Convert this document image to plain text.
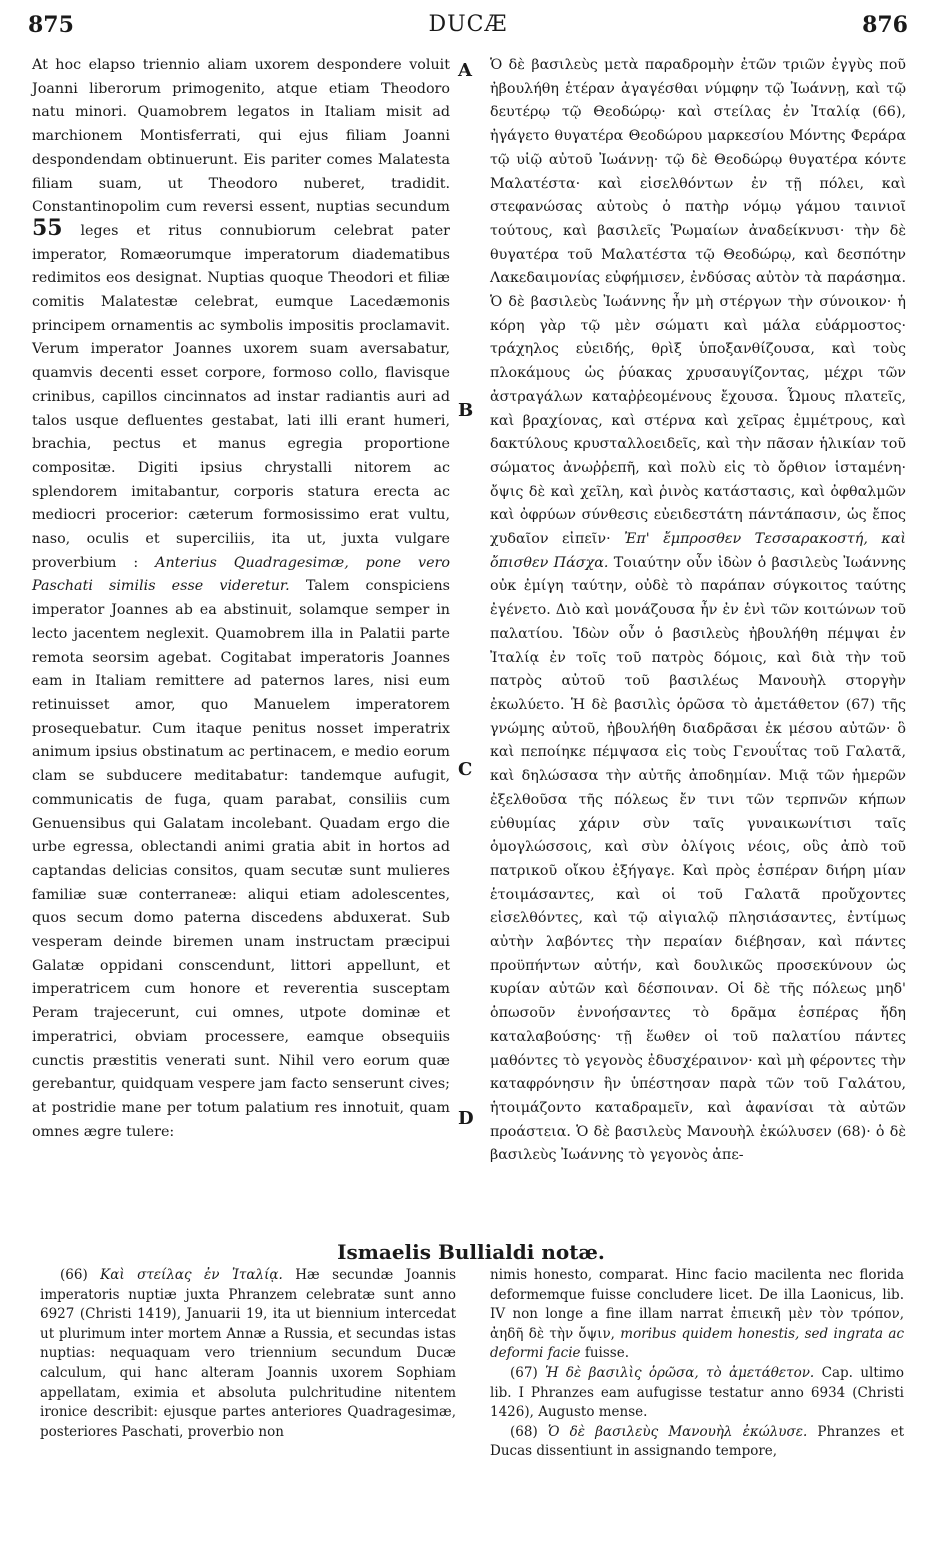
875	DUCÆ	876
A
B
C
D

At hoc elapso triennio aliam uxorem despondere voluit Joanni liberorum primogenito, atque etiam Theodoro natu minori. Quamobrem legatos in Italiam misit ad marchionem Montisferrati, qui ejus filiam Joanni despondendam obtinuerunt. Eis pariter comes Malatesta filiam suam, ut Theodoro nuberet, tradidit. Constantinopolim cum reversi essent, nuptias secundum 55 leges et ritus connubiorum celebrat pater imperator, Romæorumque imperatorum diadematibus redimitos eos designat. Nuptias quoque Theodori et filiæ comitis Malatestæ celebrat, eumque Lacedæmonis principem ornamentis ac symbolis impositis proclamavit. Verum imperator Joannes uxorem suam aversabatur, quamvis decenti esset corpore, formoso collo, flavisque crinibus, capillos cincinnatos ad instar radiantis auri ad talos usque defluentes gestabat, lati illi erant humeri, brachia, pectus et manus egregia proportione compositæ. Digiti ipsius chrystalli nitorem ac splendorem imitabantur, corporis statura erecta ac mediocri procerior: cæterum formosissimo erat vultu, naso, oculis et superciliis, ita ut, juxta vulgare proverbium : Anterius Quadragesimæ, pone vero Paschati similis esse videretur. Talem conspiciens imperator Joannes ab ea abstinuit, solamque semper in lecto jacentem neglexit. Quamobrem illa in Palatii parte remota seorsim agebat. Cogitabat imperatoris Joannes eam in Italiam remittere ad paternos lares, nisi eum retinuisset amor, quo Manuelem imperatorem prosequebatur. Cum itaque penitus nosset imperatrix animum ipsius obstinatum ac pertinacem, e medio eorum clam se subducere meditabatur: tandemque aufugit, communicatis de fuga, quam parabat, consiliis cum Genuensibus qui Galatam incolebant. Quadam ergo die urbe egressa, oblectandi animi gratia abit in hortos ad captandas delicias consitos, quam secutæ sunt mulieres familiæ suæ conterraneæ: aliqui etiam adolescentes, quos secum domo paterna discedens abduxerat. Sub vesperam deinde biremen unam instructam præcipui Galatæ oppidani conscendunt, littori appellunt, et imperatricem cum honore et reverentia susceptam Peram trajecerunt, cui omnes, utpote dominæ et imperatrici, obviam processere, eamque obsequiis cunctis præstitis venerati sunt. Nihil vero eorum quæ gerebantur, quidquam vespere jam facto senserunt cives; at postridie mane per totum palatium res innotuit, quam omnes ægre tulere:

Ὁ δὲ βασιλεὺς μετὰ παραδρομὴν ἐτῶν τριῶν ἐγγὺς ποῦ ἠβουλήθη ἑτέραν ἀγαγέσθαι νύμφην τῷ Ἰωάννῃ, καὶ τῷ δευτέρῳ τῷ Θεοδώρῳ· καὶ στείλας ἐν Ἰταλίᾳ (66), ἠγάγετο θυγατέρα Θεοδώρου μαρκεσίου Μόντης Φεράρα τῷ υἱῷ αὐτοῦ Ἰωάννῃ· τῷ δὲ Θεοδώρῳ θυγατέρα κόντε Μαλατέστα· καὶ εἰσελθόντων ἐν τῇ πόλει, καὶ στεφανώσας αὐτοὺς ὁ πατὴρ νόμῳ γάμου ταινιοῖ τούτους, καὶ βασιλεῖς Ῥωμαίων ἀναδείκνυσι· τὴν δὲ θυγατέρα τοῦ Μαλατέστα τῷ Θεοδώρῳ, καὶ δεσπότην Λακεδαιμονίας εὐφήμισεν, ἐνδύσας αὐτὸν τὰ παράσημα. Ὁ δὲ βασιλεὺς Ἰωάννης ἦν μὴ στέργων τὴν σύνοικον· ἡ κόρη γὰρ τῷ μὲν σώματι καὶ μάλα εὐάρμοστος· τράχηλος εὐειδής, θρὶξ ὑποξανθίζουσα, καὶ τοὺς πλοκάμους ὡς ῥύακας χρυσαυγίζοντας, μέχρι τῶν ἀστραγάλων καταῤῥεομένους ἔχουσα. Ὦμους πλατεῖς, καὶ βραχίονας, καὶ στέρνα καὶ χεῖρας ἐμμέτρους, καὶ δακτύλους κρυσταλλοειδεῖς, καὶ τὴν πᾶσαν ἡλικίαν τοῦ σώματος ἀνωῤῥεπῆ, καὶ πολὺ εἰς τὸ ὄρθιον ἱσταμένη· ὄψις δὲ καὶ χεῖλη, καὶ ῥινὸς κατάστασις, καὶ ὀφθαλμῶν καὶ ὀφρύων σύνθεσις εὐειδεστάτη πάντάπασιν, ὡς ἔπος χυδαῖον εἰπεῖν· Ἐπ' ἔμπροσθεν Τεσσαρακοστή, καὶ ὄπισθεν Πάσχα. Τοιαύτην οὖν ἰδὼν ὁ βασιλεὺς Ἰωάννης οὐκ ἐμίγη ταύτην, οὐδὲ τὸ παράπαν σύγκοιτος ταύτης ἐγένετο. Διὸ καὶ μονάζουσα ἦν ἐν ἑνὶ τῶν κοιτώνων τοῦ παλατίου. Ἰδὼν οὖν ὁ βασιλεὺς ἠβουλήθη πέμψαι ἐν Ἰταλίᾳ ἐν τοῖς τοῦ πατρὸς δόμοις, καὶ διὰ τὴν τοῦ πατρὸς αὐτοῦ τοῦ βασιλέως Μανουὴλ στοργὴν ἐκωλύετο. Ἡ δὲ βασιλὶς ὁρῶσα τὸ ἀμετάθετον (67) τῆς γνώμης αὐτοῦ, ἠβουλήθη διαδρᾶσαι ἐκ μέσου αὐτῶν· ὃ καὶ πεποίηκε πέμψασα εἰς τοὺς Γενουΐτας τοῦ Γαλατᾶ, καὶ δηλώσασα τὴν αὐτῆς ἀποδημίαν. Μιᾷ τῶν ἡμερῶν ἐξελθοῦσα τῆς πόλεως ἔν τινι τῶν τερπνῶν κήπων εὐθυμίας χάριν σὺν ταῖς γυναικωνίτισι ταῖς ὁμογλώσσοις, καὶ σὺν ὀλίγοις νέοις, οὓς ἀπὸ τοῦ πατρικοῦ οἴκου ἐξήγαγε. Καὶ πρὸς ἑσπέραν διήρη μίαν ἑτοιμάσαντες, καὶ οἱ τοῦ Γαλατᾶ προὔχοντες εἰσελθόντες, καὶ τῷ αἰγιαλῷ πλησιάσαντες, ἐντίμως αὐτὴν λαβόντες τὴν περαίαν διέβησαν, καὶ πάντες προϋπήντων αὐτήν, καὶ δουλικῶς προσεκύνουν ὡς κυρίαν αὐτῶν καὶ δέσποιναν. Οἱ δὲ τῆς πόλεως μηδ' ὁπωσοῦν ἐννοήσαντες τὸ δρᾶμα ἑσπέρας ἤδη καταλαβούσης· τῇ ἕωθεν οἱ τοῦ παλατίου πάντες μαθόντες τὸ γεγονὸς ἐδυσχέραινον· καὶ μὴ φέροντες τὴν καταφρόνησιν ἣν ὑπέστησαν παρὰ τῶν τοῦ Γαλάτου, ἡτοιμάζοντο καταδραμεῖν, καὶ ἀφανίσαι τὰ αὐτῶν προάστεια. Ὁ δὲ βασιλεὺς Μανουὴλ ἐκώλυσεν (68)· ὁ δὲ βασιλεὺς Ἰωάννης τὸ γεγονὸς ἀπε-

Ismaelis Bullialdi notæ.

(66) Καὶ στείλας ἐν Ἰταλίᾳ. Hæ secundæ Joannis imperatoris nuptiæ juxta Phranzem celebratæ sunt anno 6927 (Christi 1419), Januarii 19, ita ut biennium intercedat ut plurimum inter mortem Annæ a Russia, et secundas istas nuptias: nequaquam vero triennium secundum Ducæ calculum, qui hanc alteram Joannis uxorem Sophiam appellatam, eximia et absoluta pulchritudine nitentem ironice describit: ejusque partes anteriores Quadragesimæ, posteriores Paschati, proverbio non

nimis honesto, comparat. Hinc facio macilenta nec florida deformemque fuisse concludere licet. De illa Laonicus, lib. IV non longe a fine illam narrat ἐπιεικῆ μὲν τὸν τρόπον, ἀηδῆ δὲ τὴν ὄψιν, moribus quidem honestis, sed ingrata ac deformi facie fuisse.

(67) Ἡ δὲ βασιλὶς ὁρῶσα, τὸ ἀμετάθετον. Cap. ultimo lib. I Phranzes eam aufugisse testatur anno 6934 (Christi 1426), Augusto mense.

(68) Ὁ δὲ βασιλεὺς Μανουὴλ ἐκώλυσε. Phranzes et Ducas dissentiunt in assignando tempore,
